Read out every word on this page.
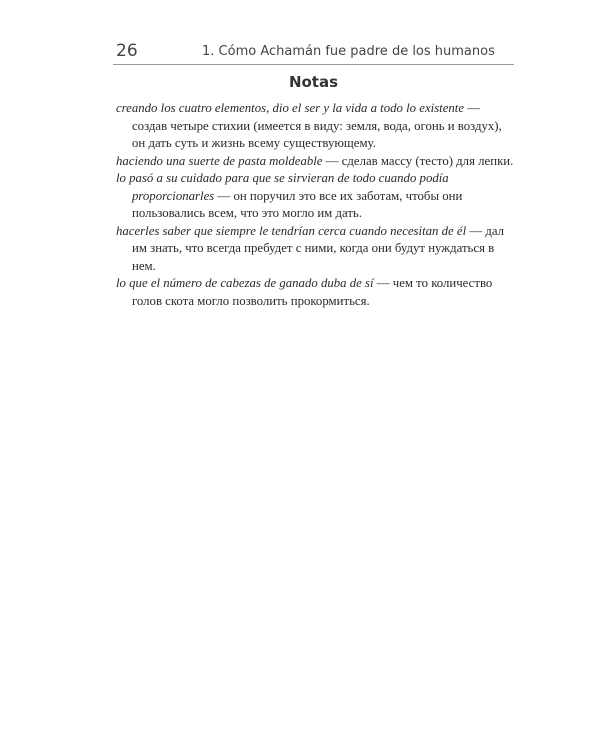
26	1. Cómo Achamán fue padre de los humanos
Notas

creando los cuatro elementos, dio el ser y la vida a todo lo existente — создав четыре стихии (имеется в виду: земля, вода, огонь и воздух), он дать суть и жизнь всему существующему.

haciendo una suerte de pasta moldeable — сделав массу (тесто) для лепки.

lo pasó a su cuidado para que se sirvieran de todo cuando podía proporcionarles — он поручил это все их заботам, чтобы они пользовались всем, что это могло им дать.

hacerles saber que siempre le tendrían cerca cuando necesitan de él — дал им знать, что всегда пребудет с ними, когда они будут нуждаться в нем.

lo que el número de cabezas de ganado duba de sí — чем то количество голов скота могло позволить прокормиться.
